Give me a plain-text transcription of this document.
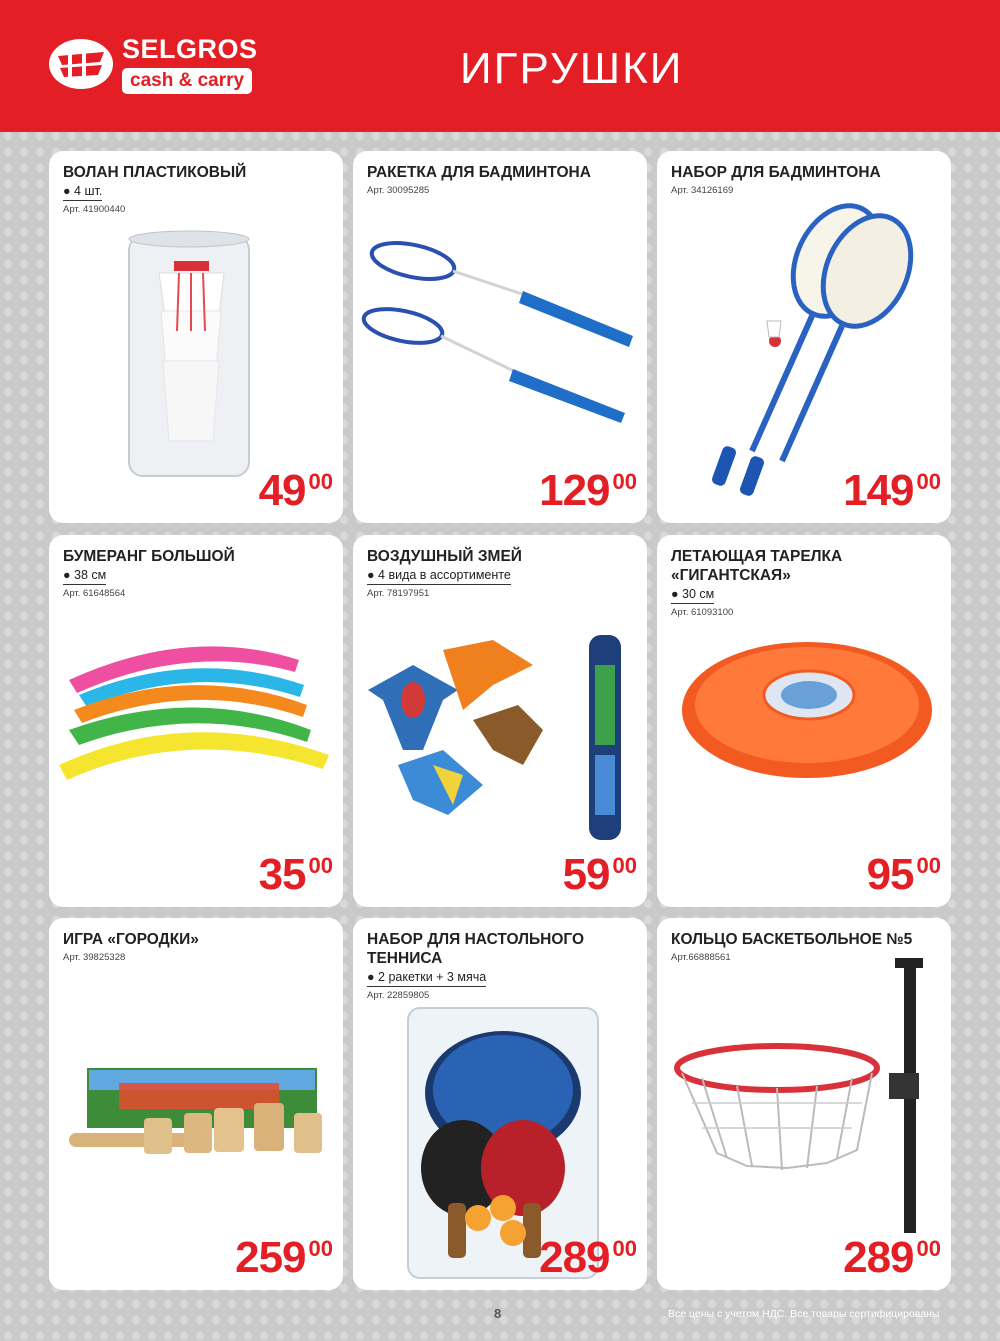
SELGROS
cash & carry	ИГРУШКИ
ВОЛАН ПЛАСТИКОВЫЙ
● 4 шт.
Арт. 41900440
49 00
РАКЕТКА ДЛЯ БАДМИНТОНА
Арт. 30095285
129 00
НАБОР ДЛЯ БАДМИНТОНА
Арт. 34126169
149 00
БУМЕРАНГ БОЛЬШОЙ
● 38 см
Арт. 61648564
35 00
ВОЗДУШНЫЙ ЗМЕЙ
● 4 вида в ассортименте
Арт. 78197951
59 00
ЛЕТАЮЩАЯ ТАРЕЛКА
«ГИГАНТСКАЯ»
● 30 см
Арт. 61093100
95 00
ИГРА «ГОРОДКИ»
Арт. 39825328
259 00
НАБОР ДЛЯ НАСТОЛЬНОГО
ТЕННИСА
● 2 ракетки + 3 мяча
Арт. 22859805
289 00
КОЛЬЦО БАСКЕТБОЛЬНОЕ №5
Арт.66888561
289 00
8	Все цены с учетом НДС. Все товары сертифицированы
